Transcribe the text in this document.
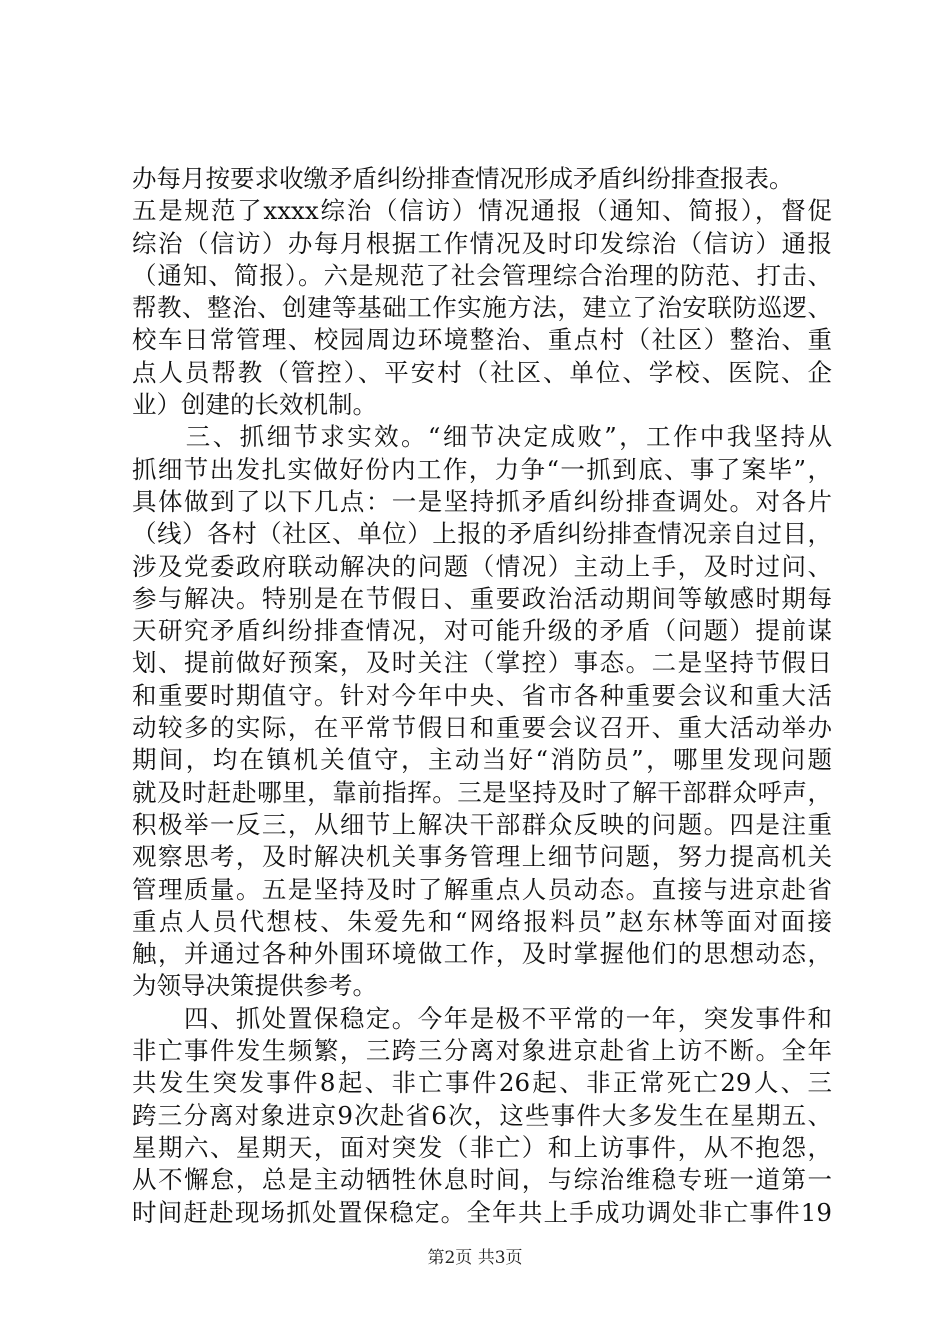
办每月按要求收缴矛盾纠纷排查情况形成矛盾纠纷排查报表。
五是规范了xxxx综治（信访）情况通报（通知、简报），督促
综治（信访）办每月根据工作情况及时印发综治（信访）通报
（通知、简报）。六是规范了社会管理综合治理的防范、打击、
帮教、整治、创建等基础工作实施方法，建立了治安联防巡逻、
校车日常管理、校园周边环境整治、重点村（社区）整治、重
点人员帮教（管控）、平安村（社区、单位、学校、医院、企
业）创建的长效机制。
　　三、抓细节求实效。“细节决定成败”，工作中我坚持从
抓细节出发扎实做好份内工作，力争“一抓到底、事了案毕”，
具体做到了以下几点：一是坚持抓矛盾纠纷排查调处。对各片
（线）各村（社区、单位）上报的矛盾纠纷排查情况亲自过目，
涉及党委政府联动解决的问题（情况）主动上手，及时过问、
参与解决。特别是在节假日、重要政治活动期间等敏感时期每
天研究矛盾纠纷排查情况，对可能升级的矛盾（问题）提前谋
划、提前做好预案，及时关注（掌控）事态。二是坚持节假日
和重要时期值守。针对今年中央、省市各种重要会议和重大活
动较多的实际，在平常节假日和重要会议召开、重大活动举办
期间，均在镇机关值守，主动当好“消防员”，哪里发现问题
就及时赶赴哪里，靠前指挥。三是坚持及时了解干部群众呼声，
积极举一反三，从细节上解决干部群众反映的问题。四是注重
观察思考，及时解决机关事务管理上细节问题，努力提高机关
管理质量。五是坚持及时了解重点人员动态。直接与进京赴省
重点人员代想枝、朱爱先和“网络报料员”赵东林等面对面接
触，并通过各种外围环境做工作，及时掌握他们的思想动态，
为领导决策提供参考。
　　四、抓处置保稳定。今年是极不平常的一年，突发事件和
非亡事件发生频繁，三跨三分离对象进京赴省上访不断。全年
共发生突发事件8起、非亡事件26起、非正常死亡29人、三
跨三分离对象进京9次赴省6次，这些事件大多发生在星期五、
星期六、星期天，面对突发（非亡）和上访事件，从不抱怨，
从不懈怠，总是主动牺牲休息时间，与综治维稳专班一道第一
时间赶赴现场抓处置保稳定。全年共上手成功调处非亡事件19
第2页 共3页
